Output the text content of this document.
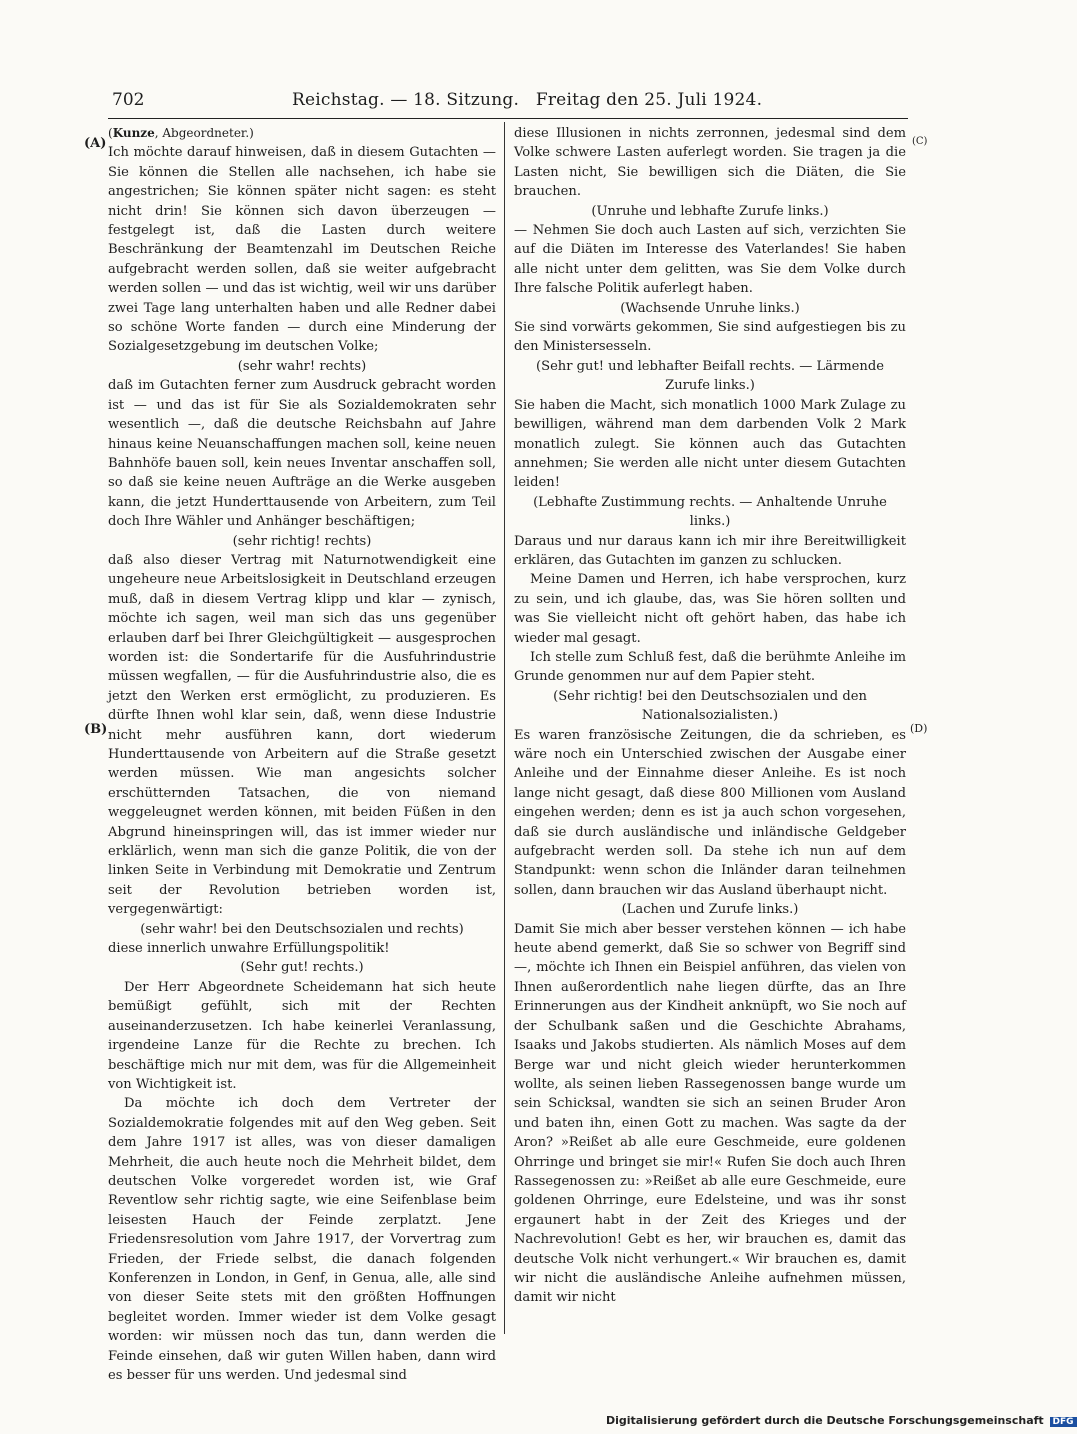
702	Reichstag. — 18. Sitzung.   Freitag den 25. Juli 1924.
(A)
(B)
(C)
(D)

(Kunze, Abgeordneter.)

Ich möchte darauf hinweisen, daß in diesem Gutachten — Sie können die Stellen alle nachsehen, ich habe sie angestrichen; Sie können später nicht sagen: es steht nicht drin! Sie können sich davon überzeugen — festgelegt ist, daß die Lasten durch weitere Beschränkung der Beamtenzahl im Deutschen Reiche aufgebracht werden sollen, daß sie weiter aufgebracht werden sollen — und das ist wichtig, weil wir uns darüber zwei Tage lang unterhalten haben und alle Redner dabei so schöne Worte fanden — durch eine Minderung der Sozialgesetzgebung im deutschen Volke;

(sehr wahr! rechts)

daß im Gutachten ferner zum Ausdruck gebracht worden ist — und das ist für Sie als Sozialdemokraten sehr wesentlich —, daß die deutsche Reichsbahn auf Jahre hinaus keine Neuanschaffungen machen soll, keine neuen Bahnhöfe bauen soll, kein neues Inventar anschaffen soll, so daß sie keine neuen Aufträge an die Werke ausgeben kann, die jetzt Hunderttausende von Arbeitern, zum Teil doch Ihre Wähler und Anhänger beschäftigen;

(sehr richtig! rechts)

daß also dieser Vertrag mit Naturnotwendigkeit eine ungeheure neue Arbeitslosigkeit in Deutschland erzeugen muß, daß in diesem Vertrag klipp und klar — zynisch, möchte ich sagen, weil man sich das uns gegenüber erlauben darf bei Ihrer Gleichgültigkeit — ausgesprochen worden ist: die Sondertarife für die Ausfuhrindustrie müssen wegfallen, — für die Ausfuhrindustrie also, die es jetzt den Werken erst ermöglicht, zu produzieren. Es dürfte Ihnen wohl klar sein, daß, wenn diese Industrie nicht mehr ausführen kann, dort wiederum Hunderttausende von Arbeitern auf die Straße gesetzt werden müssen. Wie man angesichts solcher erschütternden Tatsachen, die von niemand weggeleugnet werden können, mit beiden Füßen in den Abgrund hineinspringen will, das ist immer wieder nur erklärlich, wenn man sich die ganze Politik, die von der linken Seite in Verbindung mit Demokratie und Zentrum seit der Revolution betrieben worden ist, vergegenwärtigt:

(sehr wahr! bei den Deutschsozialen und rechts)

diese innerlich unwahre Erfüllungspolitik!

(Sehr gut! rechts.)

Der Herr Abgeordnete Scheidemann hat sich heute bemüßigt gefühlt, sich mit der Rechten auseinanderzusetzen. Ich habe keinerlei Veranlassung, irgendeine Lanze für die Rechte zu brechen. Ich beschäftige mich nur mit dem, was für die Allgemeinheit von Wichtigkeit ist.

Da möchte ich doch dem Vertreter der Sozialdemokratie folgendes mit auf den Weg geben. Seit dem Jahre 1917 ist alles, was von dieser damaligen Mehrheit, die auch heute noch die Mehrheit bildet, dem deutschen Volke vorgeredet worden ist, wie Graf Reventlow sehr richtig sagte, wie eine Seifenblase beim leisesten Hauch der Feinde zerplatzt. Jene Friedensresolution vom Jahre 1917, der Vorvertrag zum Frieden, der Friede selbst, die danach folgenden Konferenzen in London, in Genf, in Genua, alle, alle sind von dieser Seite stets mit den größten Hoffnungen begleitet worden. Immer wieder ist dem Volke gesagt worden: wir müssen noch das tun, dann werden die Feinde einsehen, daß wir guten Willen haben, dann wird es besser für uns werden. Und jedesmal sind

diese Illusionen in nichts zerronnen, jedesmal sind dem Volke schwere Lasten auferlegt worden. Sie tragen ja die Lasten nicht, Sie bewilligen sich die Diäten, die Sie brauchen.

(Unruhe und lebhafte Zurufe links.)

— Nehmen Sie doch auch Lasten auf sich, verzichten Sie auf die Diäten im Interesse des Vaterlandes! Sie haben alle nicht unter dem gelitten, was Sie dem Volke durch Ihre falsche Politik auferlegt haben.

(Wachsende Unruhe links.)

Sie sind vorwärts gekommen, Sie sind aufgestiegen bis zu den Ministersesseln.

(Sehr gut! und lebhafter Beifall rechts. — Lärmende Zurufe links.)

Sie haben die Macht, sich monatlich 1000 Mark Zulage zu bewilligen, während man dem darbenden Volk 2 Mark monatlich zulegt. Sie können auch das Gutachten annehmen; Sie werden alle nicht unter diesem Gutachten leiden!

(Lebhafte Zustimmung rechts. — Anhaltende Unruhe links.)

Daraus und nur daraus kann ich mir ihre Bereitwilligkeit erklären, das Gutachten im ganzen zu schlucken.

Meine Damen und Herren, ich habe versprochen, kurz zu sein, und ich glaube, das, was Sie hören sollten und was Sie vielleicht nicht oft gehört haben, das habe ich wieder mal gesagt.

Ich stelle zum Schluß fest, daß die berühmte Anleihe im Grunde genommen nur auf dem Papier steht.

(Sehr richtig! bei den Deutschsozialen und den Nationalsozialisten.)

Es waren französische Zeitungen, die da schrieben, es wäre noch ein Unterschied zwischen der Ausgabe einer Anleihe und der Einnahme dieser Anleihe. Es ist noch lange nicht gesagt, daß diese 800 Millionen vom Ausland eingehen werden; denn es ist ja auch schon vorgesehen, daß sie durch ausländische und inländische Geldgeber aufgebracht werden soll. Da stehe ich nun auf dem Standpunkt: wenn schon die Inländer daran teilnehmen sollen, dann brauchen wir das Ausland überhaupt nicht.

(Lachen und Zurufe links.)

Damit Sie mich aber besser verstehen können — ich habe heute abend gemerkt, daß Sie so schwer von Begriff sind —, möchte ich Ihnen ein Beispiel anführen, das vielen von Ihnen außerordentlich nahe liegen dürfte, das an Ihre Erinnerungen aus der Kindheit anknüpft, wo Sie noch auf der Schulbank saßen und die Geschichte Abrahams, Isaaks und Jakobs studierten. Als nämlich Moses auf dem Berge war und nicht gleich wieder herunterkommen wollte, als seinen lieben Rassegenossen bange wurde um sein Schicksal, wandten sie sich an seinen Bruder Aron und baten ihn, einen Gott zu machen. Was sagte da der Aron? »Reißet ab alle eure Geschmeide, eure goldenen Ohrringe und bringet sie mir!« Rufen Sie doch auch Ihren Rassegenossen zu: »Reißet ab alle eure Geschmeide, eure goldenen Ohrringe, eure Edelsteine, und was ihr sonst ergaunert habt in der Zeit des Krieges und der Nachrevolution! Gebt es her, wir brauchen es, damit das deutsche Volk nicht verhungert.« Wir brauchen es, damit wir nicht die ausländische Anleihe aufnehmen müssen, damit wir nicht

Digitalisierung gefördert durch die Deutsche Forschungsgemeinschaft DFG
